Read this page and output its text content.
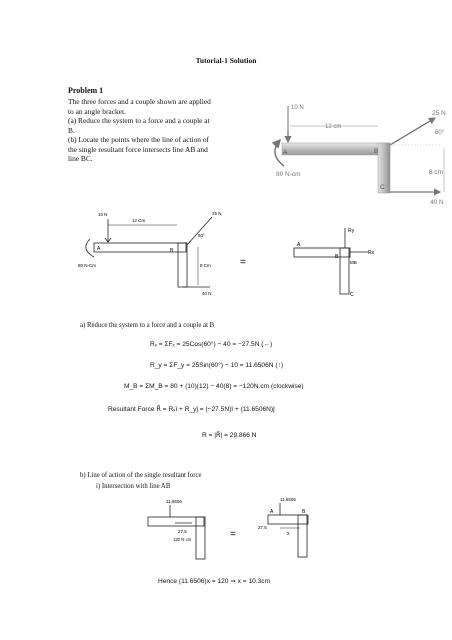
Tutorial-1 Solution
Problem 1
The three forces and a couple shown are applied
to an angle bracket.
(a) Reduce the system to a force and a couple at
B.
(b) Locate the points where the line of action of
the single resultant force intersects line AB and
line BC.
10 N
12 cm
25 N
60°
8 cm
40 N
80 N-cm
A	B
C
10 N
12 Cm
25 N
60°
8 Cm
40 N
80 N-Cm
A	B
=
Ry
Rx
MB
A
B
C
a) Reduce the system to a force and a couple at B
Rₓ = ΣFₓ = 25Cos(60°) − 40 = −27.5N (←)
R_y = ΣF_y = 25Sin(60°) − 10 = 11.6506N (↑)
M_B = ΣM_B = 80 + (10)(12) − 40(8) = −120N.cm (clockwise)
Resultant Force R⃗ = Rₓî + R_yĵ = (−27.5N)î + (11.6506N)ĵ
R = |R⃗| = 29.866 N
b) Line of action of the single resultant force
i) Intersection with line AB
11.6506
27.5
120 N·cm	=
11.6506
27.5
x
A	B
Hence (11.6506)x = 120 ⇒ x = 10.3cm
